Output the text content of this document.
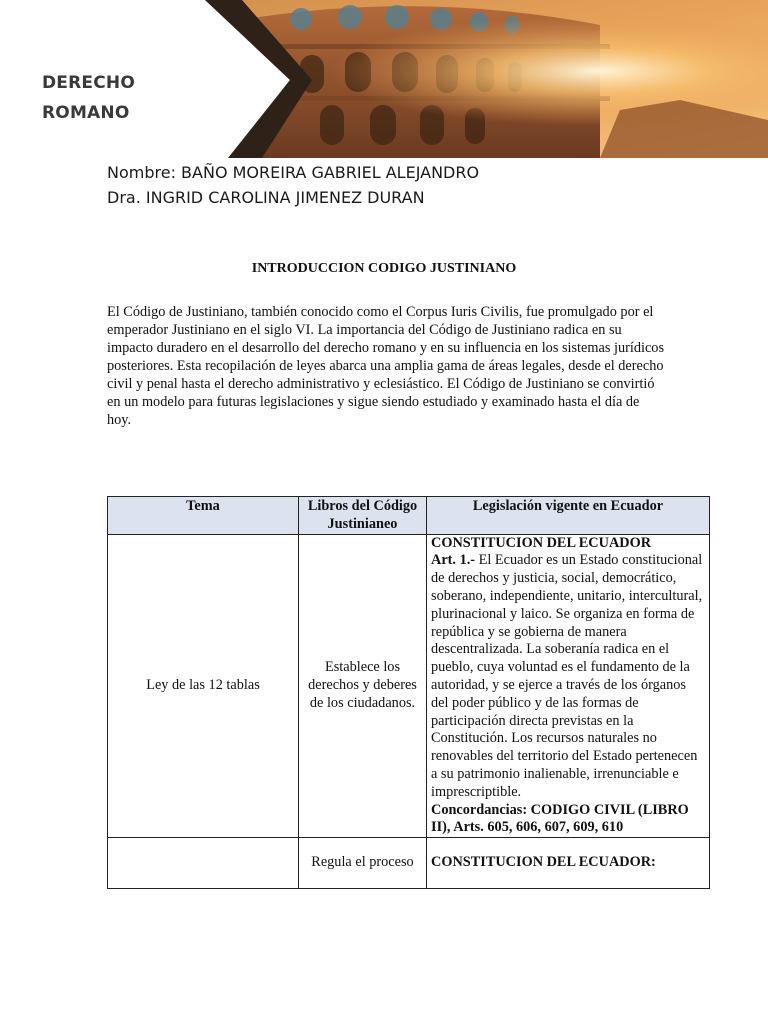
DERECHO
ROMANO
Nombre: BAÑO MOREIRA GABRIEL ALEJANDRO
Dra. INGRID CAROLINA JIMENEZ DURAN
INTRODUCCION CODIGO JUSTINIANO
El Código de Justiniano, también conocido como el Corpus Iuris Civilis, fue promulgado por el emperador Justiniano en el siglo VI. La importancia del Código de Justiniano radica en su impacto duradero en el desarrollo del derecho romano y en su influencia en los sistemas jurídicos posteriores. Esta recopilación de leyes abarca una amplia gama de áreas legales, desde el derecho civil y penal hasta el derecho administrativo y eclesiástico. El Código de Justiniano se convirtió en un modelo para futuras legislaciones y sigue siendo estudiado y examinado hasta el día de hoy.
Tema	Libros del Código Justinianeo	Legislación vigente en Ecuador
Ley de las 12 tablas	Establece los derechos y deberes de los ciudadanos.	CONSTITUCION DEL ECUADOR
Art. 1.- El Ecuador es un Estado constitucional de derechos y justicia, social, democrático, soberano, independiente, unitario, intercultural, plurinacional y laico. Se organiza en forma de república y se gobierna de manera descentralizada. La soberanía radica en el pueblo, cuya voluntad es el fundamento de la autoridad, y se ejerce a través de los órganos del poder público y de las formas de participación directa previstas en la Constitución. Los recursos naturales no renovables del territorio del Estado pertenecen a su patrimonio inalienable, irrenunciable e imprescriptible.
Concordancias: CODIGO CIVIL (LIBRO II), Arts. 605, 606, 607, 609, 610

	Regula el proceso	CONSTITUCION DEL ECUADOR:
